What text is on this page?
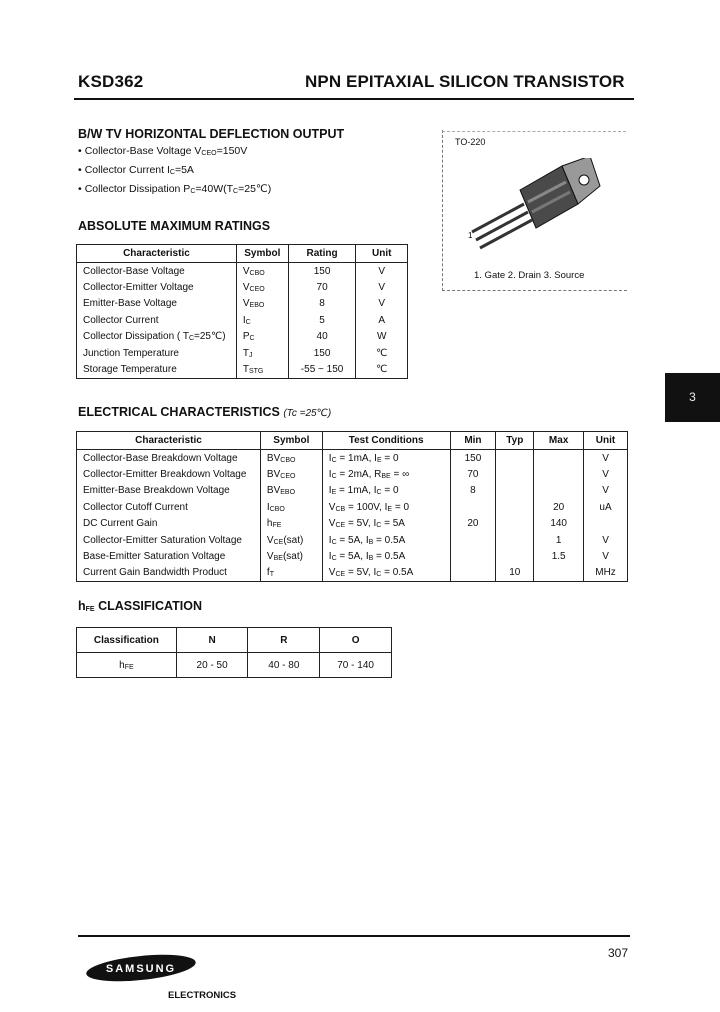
KSD362	NPN EPITAXIAL SILICON TRANSISTOR
B/W TV HORIZONTAL DEFLECTION OUTPUT
• Collector-Base Voltage $V_{CEO}=150V$
• Collector Current $I_C=5A$
• Collector Dissipation $P_C=40W(T_C=25℃)$
TO-220
1
1. Gate 2. Drain 3. Source
ABSOLUTE MAXIMUM RATINGS
Characteristic	Symbol	Rating	Unit
Collector-Base Voltage	$V_{CBO}$	150	V
Collector-Emitter Voltage	$V_{CEO}$	70	V
Emitter-Base Voltage	$V_{EBO}$	8	V
Collector Current	$I_C$	5	A
Collector Dissipation ( $T_C=25℃$)	$P_C$	40	W
Junction Temperature	$T_J$	150	℃
Storage Temperature	$T_{STG}$	-55 ~ 150	℃
ELECTRICAL CHARACTERISTICS (Tc =25℃)
Characteristic	Symbol	Test Conditions	Min	Typ	Max	Unit
Collector-Base Breakdown Voltage	$BV_{CBO}$	$I_C = 1mA$, $I_E = 0$	150			V
Collector-Emitter Breakdown Voltage	$BV_{CEO}$	$I_C = 2mA$, $R_{BE}$ = ∞	70			V
Emitter-Base Breakdown Voltage	$BV_{EBO}$	$I_E = 1mA$, $I_C = 0$	8			V
Collector Cutoff Current	$I_{CBO}$	$V_{CB} = 100V$, $I_E = 0$			20	uA
DC Current Gain	$h_{FE}$	$V_{CE} = 5V$, $I_C = 5A$	20		140	
Collector-Emitter Saturation Voltage	$V_{CE}(sat)$	$I_C = 5A$, $I_B = 0.5A$			1	V
Base-Emitter Saturation Voltage	$V_{BE}(sat)$	$I_C = 5A$, $I_B = 0.5A$			1.5	V
Current Gain Bandwidth Product	$f_T$	$V_{CE} = 5V$, $I_C = 0.5A$		10		MHz
$h_{FE}$ CLASSIFICATION
Classification	N	R	O
$h_{FE}$	20 - 50	40 - 80	70 - 140
3
307
SAMSUNG
ELECTRONICS
